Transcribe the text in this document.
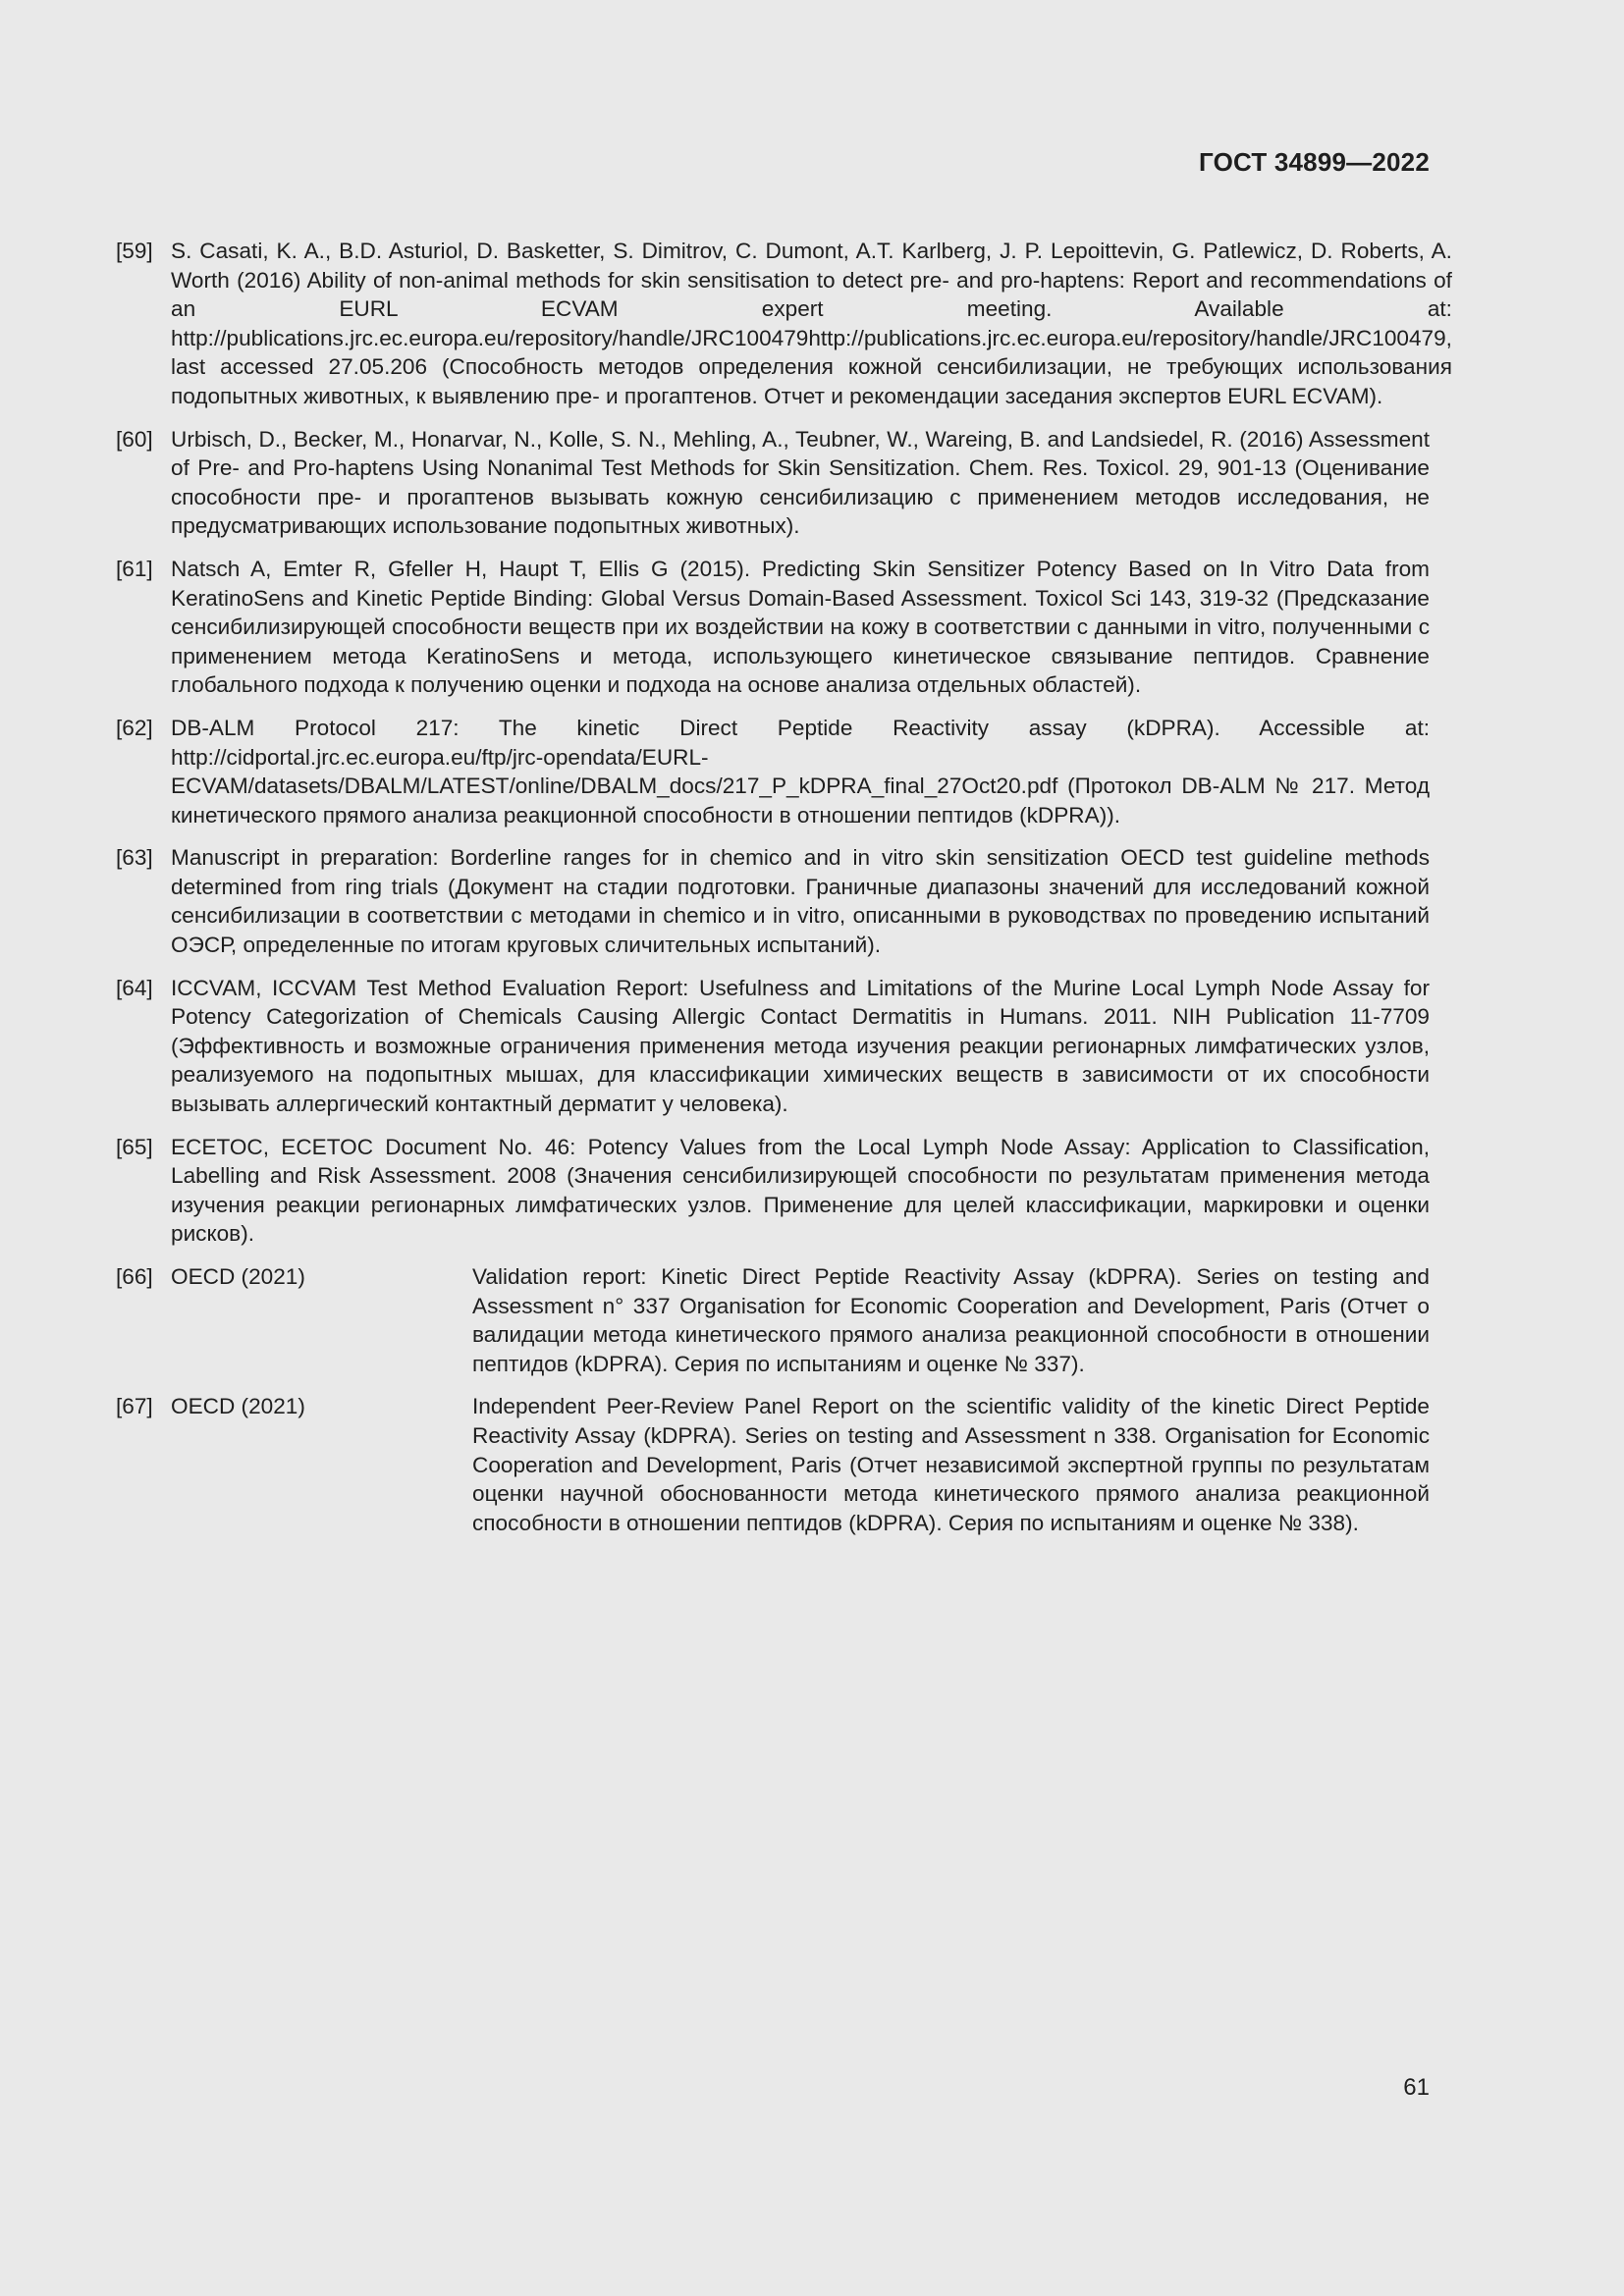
ГОСТ 34899—2022
[59] S. Casati, K. A., B.D. Asturiol, D. Basketter, S. Dimitrov, C. Dumont, A.T. Karlberg, J. P. Lepoittevin, G. Patlewicz, D. Roberts, A. Worth (2016) Ability of non-animal methods for skin sensitisation to detect pre- and pro-haptens: Report and recommendations of an EURL ECVAM expert meeting. Available at: http://publications.jrc.ec.europa.eu/repository/handle/JRC100479http://publications.jrc.ec.europa.eu/repository/handle/JRC100479, last accessed 27.05.206 (Способность методов определения кожной сенсибилизации, не требующих использования подопытных животных, к выявлению пре- и прогаптенов. Отчет и рекомендации заседания экспертов EURL ECVAM).
[60] Urbisch, D., Becker, M., Honarvar, N., Kolle, S. N., Mehling, A., Teubner, W., Wareing, B. and Landsiedel, R. (2016) Assessment of Pre- and Pro-haptens Using Nonanimal Test Methods for Skin Sensitization. Chem. Res. Toxicol. 29, 901-13 (Оценивание способности пре- и прогаптенов вызывать кожную сенсибилизацию с применением методов исследования, не предусматривающих использование подопытных животных).
[61] Natsch A, Emter R, Gfeller H, Haupt T, Ellis G (2015). Predicting Skin Sensitizer Potency Based on In Vitro Data from KeratinoSens and Kinetic Peptide Binding: Global Versus Domain-Based Assessment. Toxicol Sci 143, 319-32 (Предсказание сенсибилизирующей способности веществ при их воздействии на кожу в соответствии с данными in vitro, полученными с применением метода KeratinoSens и метода, использующего кинетическое связывание пептидов. Сравнение глобального подхода к получению оценки и подхода на основе анализа отдельных областей).
[62] DB-ALM Protocol 217: The kinetic Direct Peptide Reactivity assay (kDPRA). Accessible at: http://cidportal.jrc.ec.europa.eu/ftp/jrc-opendata/EURL-ECVAM/datasets/DBALM/LATEST/online/DBALM_docs/217_P_kDPRA_final_27Oct20.pdf (Протокол DB-ALM № 217. Метод кинетического прямого анализа реакционной способности в отношении пептидов (kDPRA)).
[63] Manuscript in preparation: Borderline ranges for in chemico and in vitro skin sensitization OECD test guideline methods determined from ring trials (Документ на стадии подготовки. Граничные диапазоны значений для исследований кожной сенсибилизации в соответствии с методами in chemico и in vitro, описанными в руководствах по проведению испытаний ОЭСР, определенные по итогам круговых сличительных испытаний).
[64] ICCVAM, ICCVAM Test Method Evaluation Report: Usefulness and Limitations of the Murine Local Lymph Node Assay for Potency Categorization of Chemicals Causing Allergic Contact Dermatitis in Humans. 2011. NIH Publication 11-7709 (Эффективность и возможные ограничения применения метода изучения реакции регионарных лимфатических узлов, реализуемого на подопытных мышах, для классификации химических веществ в зависимости от их способности вызывать аллергический контактный дерматит у человека).
[65] ECETOC, ECETOC Document No. 46: Potency Values from the Local Lymph Node Assay: Application to Classification, Labelling and Risk Assessment. 2008 (Значения сенсибилизирующей способности по результатам применения метода изучения реакции регионарных лимфатических узлов. Применение для целей классификации, маркировки и оценки рисков).
[66] OECD (2021)	Validation report: Kinetic Direct Peptide Reactivity Assay (kDPRA). Series on testing and Assessment n° 337 Organisation for Economic Cooperation and Development, Paris (Отчет о валидации метода кинетического прямого анализа реакционной способности в отношении пептидов (kDPRA). Серия по испытаниям и оценке № 337).
[67] OECD (2021)	Independent Peer-Review Panel Report on the scientific validity of the kinetic Direct Peptide Reactivity Assay (kDPRA). Series on testing and Assessment n 338. Organisation for Economic Cooperation and Development, Paris (Отчет независимой экспертной группы по результатам оценки научной обоснованности метода кинетического прямого анализа реакционной способности в отношении пептидов (kDPRA). Серия по испытаниям и оценке № 338).
61
